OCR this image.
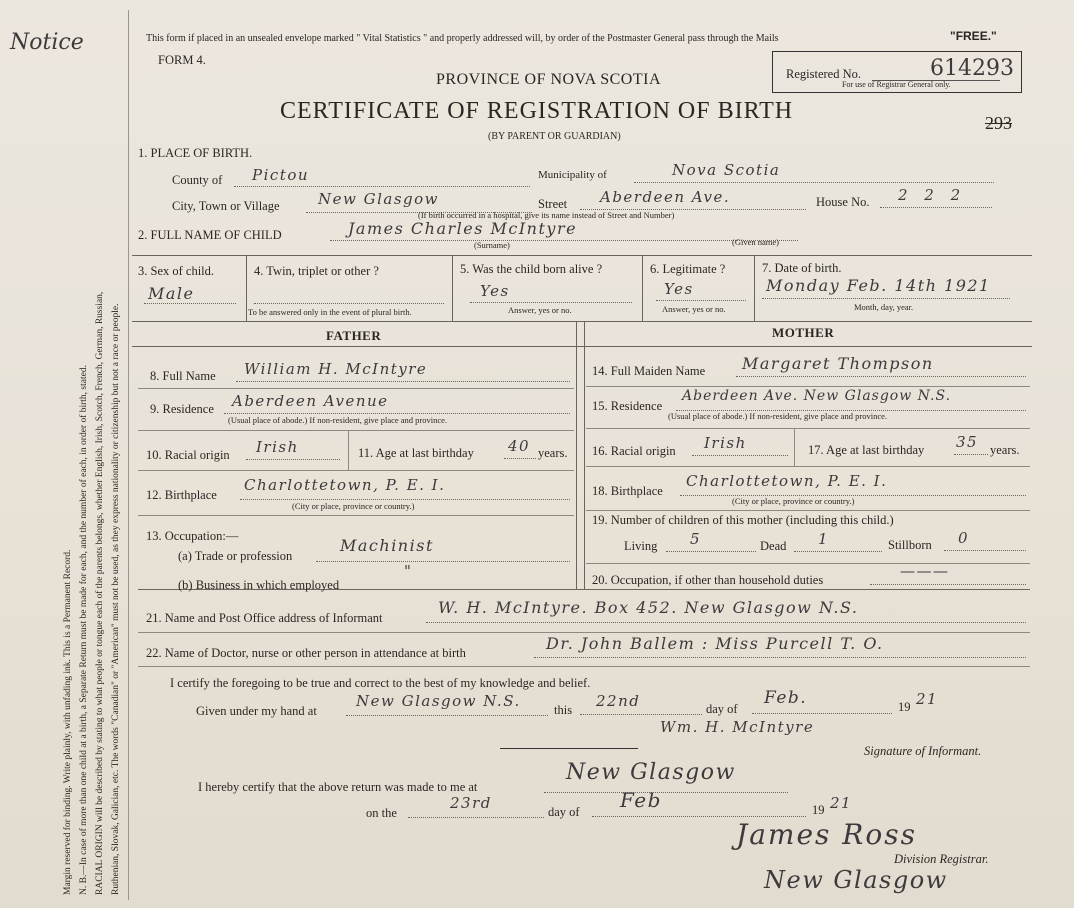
Notice
Margin reserved for binding. Write plainly, with unfading ink. This is a Permanent Record. N. B.—In case of more than one child at a birth, a Separate Return must be made for each, and the number of each, in order of birth, stated. RACIAL ORIGIN will be described by stating to what people or tongue each of the parents belongs, whether English, Irish, Scotch, French, German, Russian, Ruthenian, Slovak, Galician, etc. The words "Canadian" or "American" must not be used, as they express nationality or citizenship but not a race or people.
This form if placed in an unsealed envelope marked " Vital Statistics " and properly addressed will, by order of the Postmaster General pass through the Mails	"FREE."
FORM 4.
PROVINCE OF NOVA SCOTIA
CERTIFICATE OF REGISTRATION OF BIRTH
(BY PARENT OR GUARDIAN)
Registered No.	614293
For use of Registrar General only.
293
1. PLACE OF BIRTH.
County of Pictou	Municipality of	Nova Scotia
City, Town or Village	New Glasgow	Street Aberdeen Ave.	House No. 2 2 2
(If birth occurred in a hospital, give its name instead of Street and Number)
2. FULL NAME OF CHILD	James Charles McIntyre
(Surname)	(Given name)
3. Sex of child.
Male
4. Twin, triplet or other ?
To be answered only in the event of plural birth.
5. Was the child born alive ?
Yes
Answer, yes or no.
6. Legitimate ?
Yes
Answer, yes or no.
7. Date of birth.
Monday Feb. 14th 1921
Month, day, year.
FATHER	MOTHER
8. Full Name William H. McIntyre
9. Residence Aberdeen Avenue
(Usual place of abode.) If non-resident, give place and province.
10. Racial origin Irish	11. Age at last birthday 40 years.
12. Birthplace
Charlottetown, P. E. I.
(City or place, province or country.)
13. Occupation:—
(a) Trade or profession
Machinist
(b) Business in which employed
"
14. Full Maiden Name Margaret Thompson
15. Residence
Aberdeen Ave. New Glasgow N.S.
(Usual place of abode.) If non-resident, give place and province.
16. Racial origin Irish	17. Age at last birthday 35 years.
18. Birthplace
Charlottetown, P. E. I.
(City or place, province or country.)
19. Number of children of this mother (including this child.)
Living 5	Dead 1	Stillborn 0
20. Occupation, if other than household duties	———
21. Name and Post Office address of Informant
W. H. McIntyre. Box 452. New Glasgow N.S.
22. Name of Doctor, nurse or other person in attendance at birth	Dr. John Ballem : Miss Purcell T. O.
I certify the foregoing to be true and correct to the best of my knowledge and belief.
Given under my hand at
New Glasgow N.S.	this 22nd	day of
Feb.	19 21
Wm. H. McIntyre
Signature of Informant.
I hereby certify that the above return was made to me at
New Glasgow
on the
23rd	day of Feb	19 21
James Ross
Division Registrar.
New Glasgow
